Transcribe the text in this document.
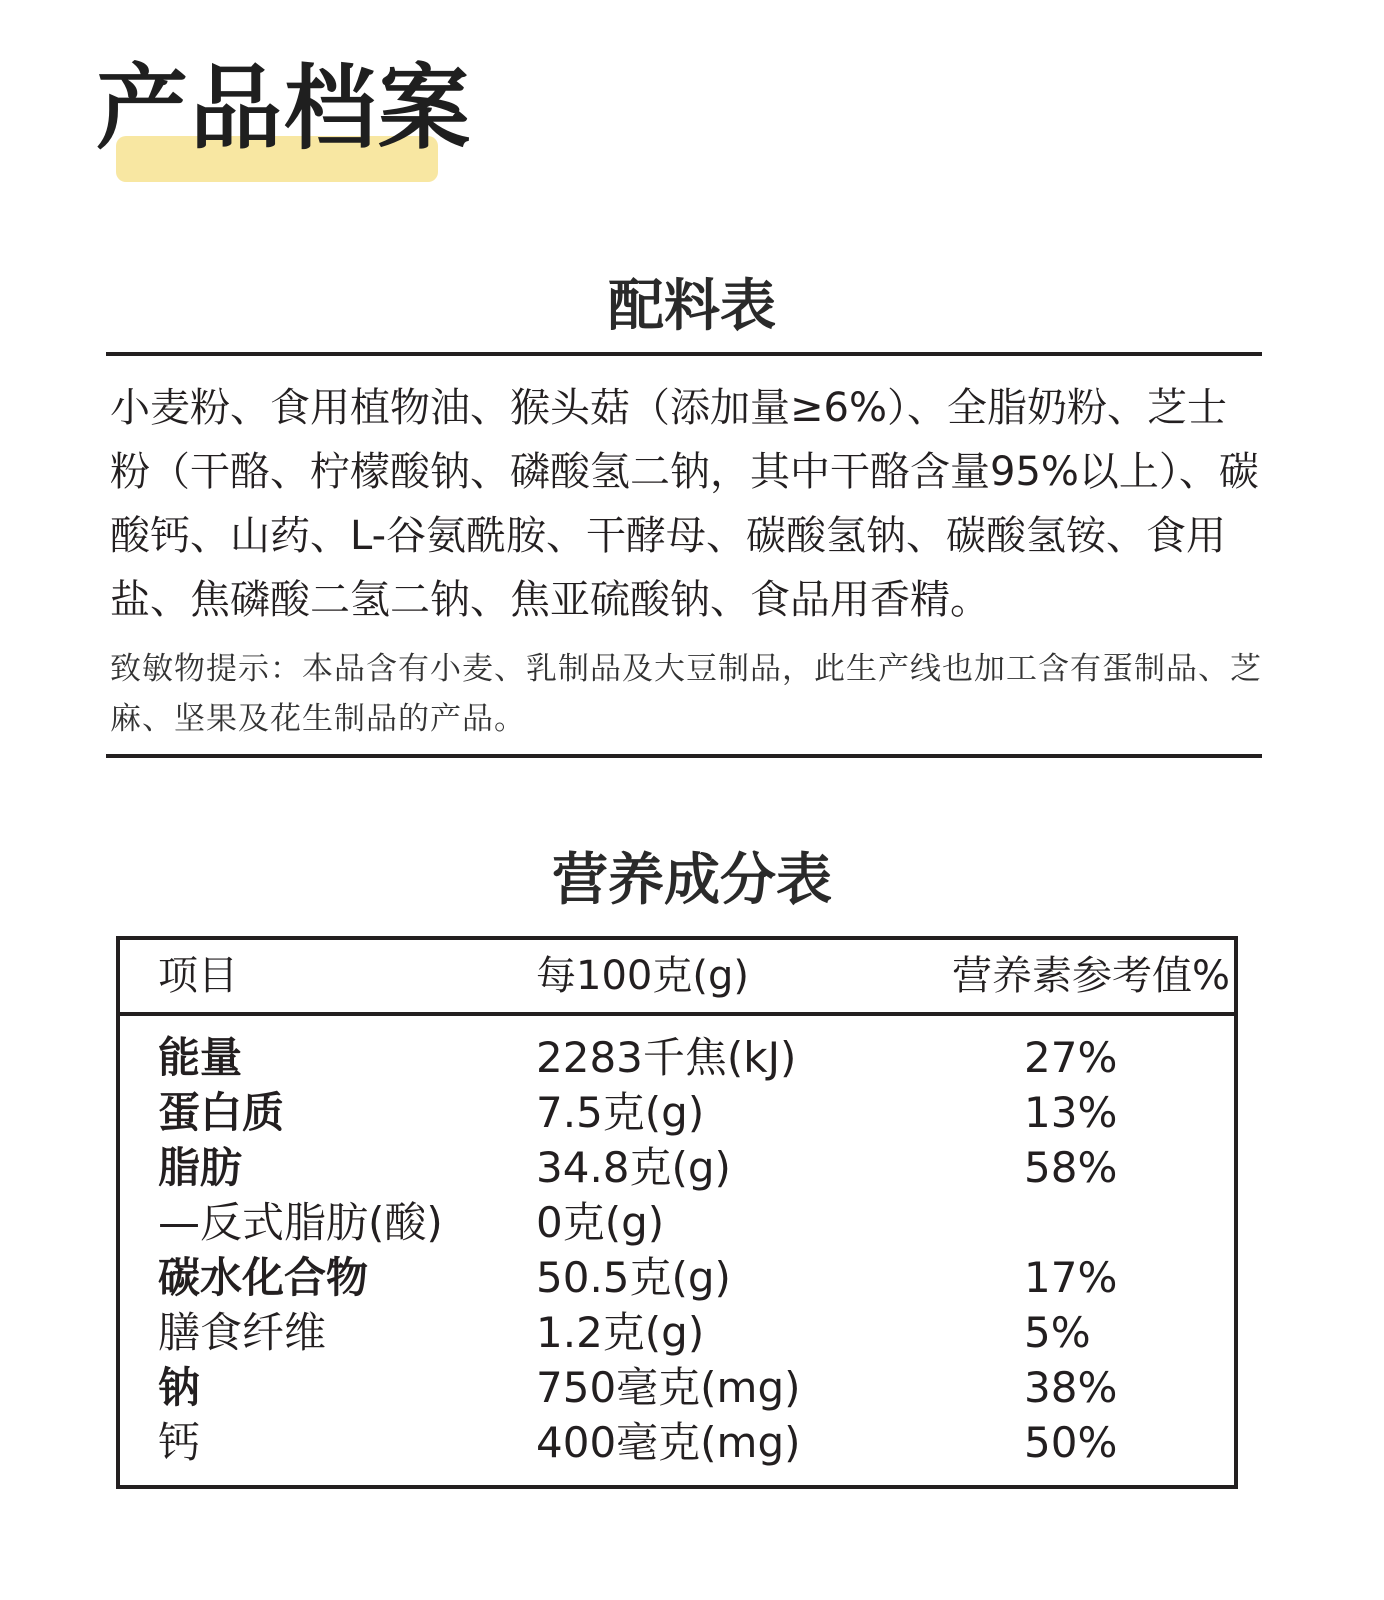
产品档案
配料表
小麦粉、食用植物油、猴头菇（添加量≥6%）、全脂奶粉、芝士粉（干酪、柠檬酸钠、磷酸氢二钠，其中干酪含量95%以上）、碳酸钙、山药、L-谷氨酰胺、干酵母、碳酸氢钠、碳酸氢铵、食用盐、焦磷酸二氢二钠、焦亚硫酸钠、食品用香精。
致敏物提示：本品含有小麦、乳制品及大豆制品，此生产线也加工含有蛋制品、芝麻、坚果及花生制品的产品。
营养成分表
项目	每100克(g)	营养素参考值%
能量	2283千焦(kJ)	27%
蛋白质	7.5克(g)	13%
脂肪	34.8克(g)	58%
—反式脂肪(酸) 0克(g)
碳水化合物	50.5克(g)	17%
膳食纤维	1.2克(g)	5%
钠	750毫克(mg)	38%
钙	400毫克(mg)	50%
